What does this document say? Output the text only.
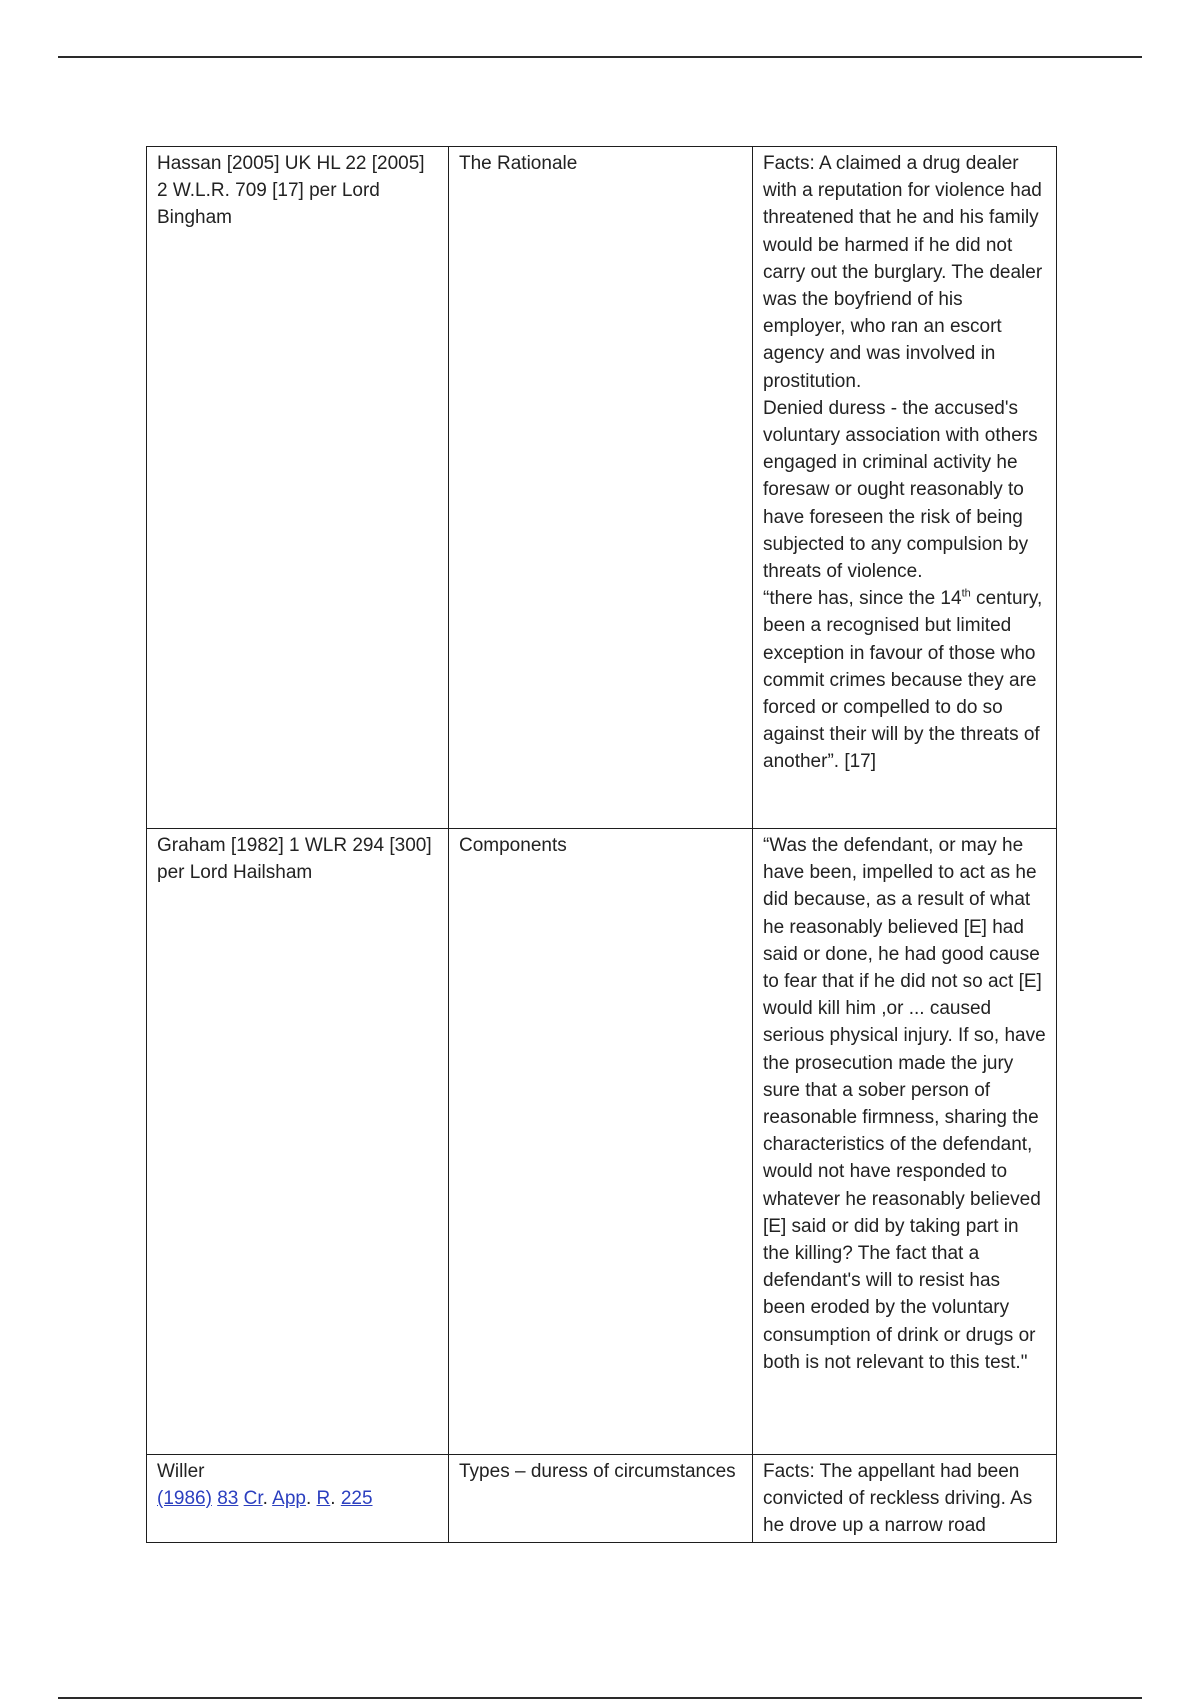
Hassan [2005] UK HL 22 [2005] 2 W.L.R. 709 [17] per Lord Bingham	The Rationale	Facts: A claimed a drug dealer with a reputation for violence had threatened that he and his family would be harmed if he did not carry out the burglary. The dealer was the boyfriend of his employer, who ran an escort agency and was involved in prostitution.
Denied duress - the accused's voluntary association with others engaged in criminal activity he foresaw or ought reasonably to have foreseen the risk of being subjected to any compulsion by threats of violence.
“there has, since the 14th century, been a recognised but limited exception in favour of those who commit crimes because they are forced or compelled to do so against their will by the threats of another”. [17]

Graham [1982] 1 WLR 294 [300] per Lord Hailsham	Components	“Was the defendant, or may he have been, impelled to act as he did because, as a result of what he reasonably believed [E] had said or done, he had good cause to fear that if he did not so act [E] would kill him ,or ... caused serious physical injury. If so, have the prosecution made the jury sure that a sober person of reasonable firmness, sharing the characteristics of the defendant, would not have responded to whatever he reasonably believed [E] said or did by taking part in the killing? The fact that a defendant's will to resist has been eroded by the voluntary consumption of drink or drugs or both is not relevant to this test."

Willer
(1986) 83 Cr. App. R. 225	Types – duress of circumstances	Facts: The appellant had been convicted of reckless driving. As he drove up a narrow road
